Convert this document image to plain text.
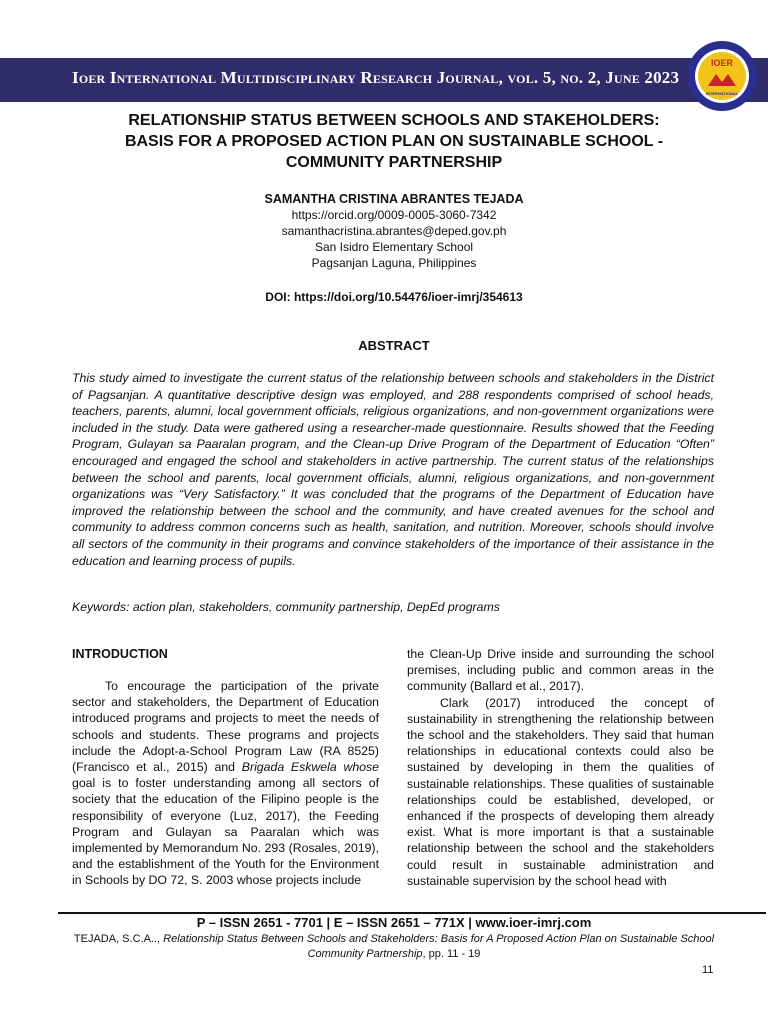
Ioer International Multidisciplinary Research Journal, vol. 5, no. 2, June 2023
IOER
INTERNATIONAL
RELATIONSHIP STATUS BETWEEN SCHOOLS AND STAKEHOLDERS:
BASIS FOR A PROPOSED ACTION PLAN ON SUSTAINABLE SCHOOL -
COMMUNITY PARTNERSHIP
SAMANTHA CRISTINA ABRANTES TEJADA
https://orcid.org/0009-0005-3060-7342
samanthacristina.abrantes@deped.gov.ph
San Isidro Elementary School
Pagsanjan Laguna, Philippines
DOI: https://doi.org/10.54476/ioer-imrj/354613
ABSTRACT
This study aimed to investigate the current status of the relationship between schools and stakeholders in the District of Pagsanjan. A quantitative descriptive design was employed, and 288 respondents comprised of school heads, teachers, parents, alumni, local government officials, religious organizations, and non-government organizations were included in the study. Data were gathered using a researcher-made questionnaire. Results showed that the Feeding Program, Gulayan sa Paaralan program, and the Clean-up Drive Program of the Department of Education “Often” encouraged and engaged the school and stakeholders in active partnership. The current status of the relationships between the school and parents, local government officials, alumni, religious organizations, and non-government organizations was “Very Satisfactory.” It was concluded that the programs of the Department of Education have improved the relationship between the school and the community, and have created avenues for the school and community to address common concerns such as health, sanitation, and nutrition. Moreover, schools should involve all sectors of the community in their programs and convince stakeholders of the importance of their assistance in the education and learning process of pupils.
Keywords: action plan, stakeholders, community partnership, DepEd programs
INTRODUCTION

To encourage the participation of the private sector and stakeholders, the Department of Education introduced programs and projects to meet the needs of schools and students. These programs and projects include the Adopt-a-School Program Law (RA 8525) (Francisco et al., 2015) and Brigada Eskwela whose goal is to foster understanding among all sectors of society that the education of the Filipino people is the responsibility of everyone (Luz, 2017), the Feeding Program and Gulayan sa Paaralan which was implemented by Memorandum No. 293 (Rosales, 2019), and the establishment of the Youth for the Environment in Schools by DO 72, S. 2003 whose projects include

the Clean-Up Drive inside and surrounding the school premises, including public and common areas in the community (Ballard et al., 2017).

Clark (2017) introduced the concept of sustainability in strengthening the relationship between the school and the stakeholders. They said that human relationships in educational contexts could also be sustained by developing in them the qualities of sustainable relationships. These qualities of sustainable relationships could be established, developed, or enhanced if the prospects of developing them already exist. What is more important is that a sustainable relationship between the school and the stakeholders could result in sustainable administration and sustainable supervision by the school head with

P – ISSN 2651 - 7701 | E – ISSN 2651 – 771X | www.ioer-imrj.com
TEJADA, S.C.A.., Relationship Status Between Schools and Stakeholders: Basis for A Proposed Action Plan on Sustainable School Community Partnership, pp. 11 - 19
11
